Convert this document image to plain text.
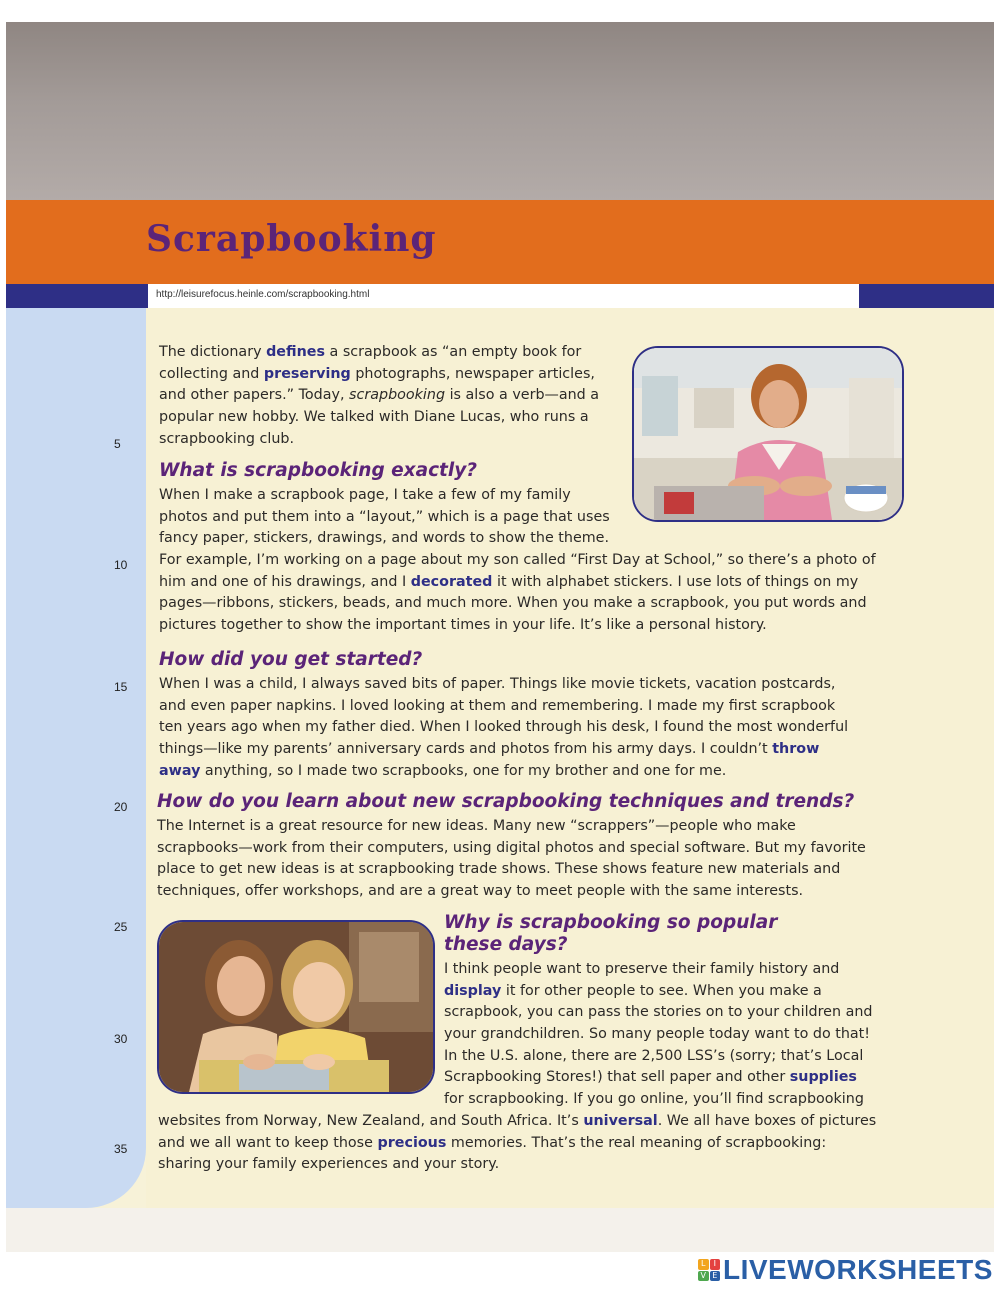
Scrapbooking
http://leisurefocus.heinle.com/scrapbooking.html
5
10
15
20
25
30
35
The dictionary defines a scrapbook as “an empty book for
collecting and preserving photographs, newspaper articles,
and other papers.” Today, scrapbooking is also a verb—and a
popular new hobby. We talked with Diane Lucas, who runs a
scrapbooking club.
What is scrapbooking exactly?
When I make a scrapbook page, I take a few of my family
photos and put them into a “layout,” which is a page that uses
fancy paper, stickers, drawings, and words to show the theme.
For example, I’m working on a page about my son called “First Day at School,” so there’s a photo of
him and one of his drawings, and I decorated it with alphabet stickers. I use lots of things on my
pages—ribbons, stickers, beads, and much more. When you make a scrapbook, you put words and
pictures together to show the important times in your life. It’s like a personal history.
How did you get started?
When I was a child, I always saved bits of paper. Things like movie tickets, vacation postcards,
and even paper napkins. I loved looking at them and remembering. I made my first scrapbook
ten years ago when my father died. When I looked through his desk, I found the most wonderful
things—like my parents’ anniversary cards and photos from his army days. I couldn’t throw
away anything, so I made two scrapbooks, one for my brother and one for me.
How do you learn about new scrapbooking techniques and trends?
The Internet is a great resource for new ideas. Many new “scrappers”—people who make
scrapbooks—work from their computers, using digital photos and special software. But my favorite
place to get new ideas is at scrapbooking trade shows. These shows feature new materials and
techniques, offer workshops, and are a great way to meet people with the same interests.
Why is scrapbooking so popular
these days?
I think people want to preserve their family history and
display it for other people to see. When you make a
scrapbook, you can pass the stories on to your children and
your grandchildren. So many people today want to do that!
In the U.S. alone, there are 2,500 LSS’s (sorry; that’s Local
Scrapbooking Stores!) that sell paper and other supplies
for scrapbooking. If you go online, you’ll find scrapbooking
websites from Norway, New Zealand, and South Africa. It’s universal. We all have boxes of pictures
and we all want to keep those precious memories. That’s the real meaning of scrapbooking:
sharing your family experiences and your story.
L	I
V E LIVEWORKSHEETS
